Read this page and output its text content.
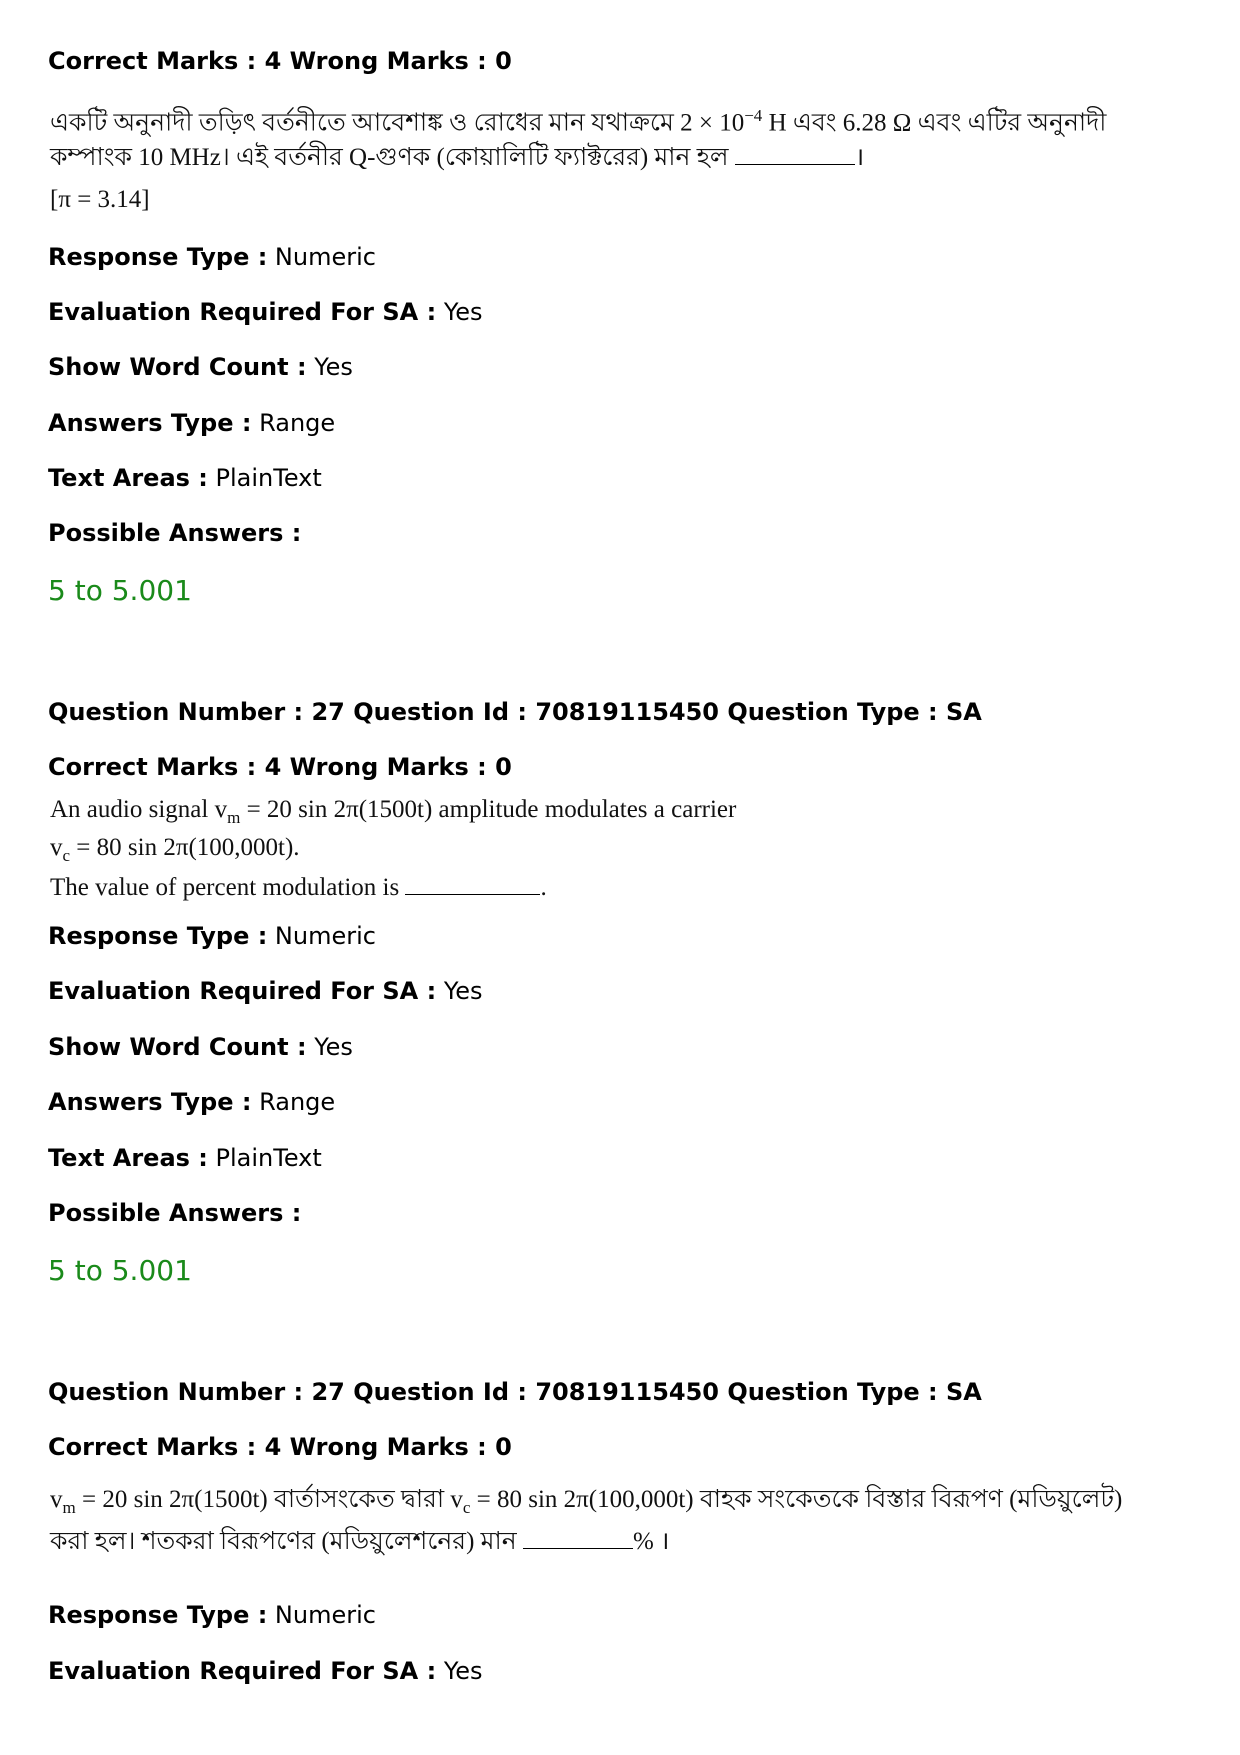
Correct Marks : 4 Wrong Marks : 0
একটি অনুনাদী তড়িৎ বর্তনীতে আবেশাঙ্ক ও রোধের মান যথাক্রমে $2 \times 10^{-4}$ H এবং 6.28 Ω এবং এটির অনুনাদী
কম্পাংক 10 MHz। এই বর্তনীর Q-গুণক (কোয়ালিটি ফ্যাক্টরের) মান হল	।
[π = 3.14]
Response Type : Numeric
Evaluation Required For SA : Yes
Show Word Count : Yes
Answers Type : Range
Text Areas : PlainText
Possible Answers :
5 to 5.001
Question Number : 27 Question Id : 70819115450 Question Type : SA
Correct Marks : 4 Wrong Marks : 0
An audio signal $v_m = 20$ sin 2π(1500t) amplitude modulates a carrier
$v_c = 80$ sin 2π(100,000t).
The value of percent modulation is	.
Response Type : Numeric
Evaluation Required For SA : Yes
Show Word Count : Yes
Answers Type : Range
Text Areas : PlainText
Possible Answers :
5 to 5.001
Question Number : 27 Question Id : 70819115450 Question Type : SA
Correct Marks : 4 Wrong Marks : 0
$v_m = 20$ sin 2π(1500t) বার্তাসংকেত দ্বারা $v_c = 80$ sin 2π(100,000t) বাহক সংকেতকে বিস্তার বিরূপণ (মডিয়ুলেট)
করা হল। শতকরা বিরূপণের (মডিয়ুলেশনের) মান	% ।
Response Type : Numeric
Evaluation Required For SA : Yes
